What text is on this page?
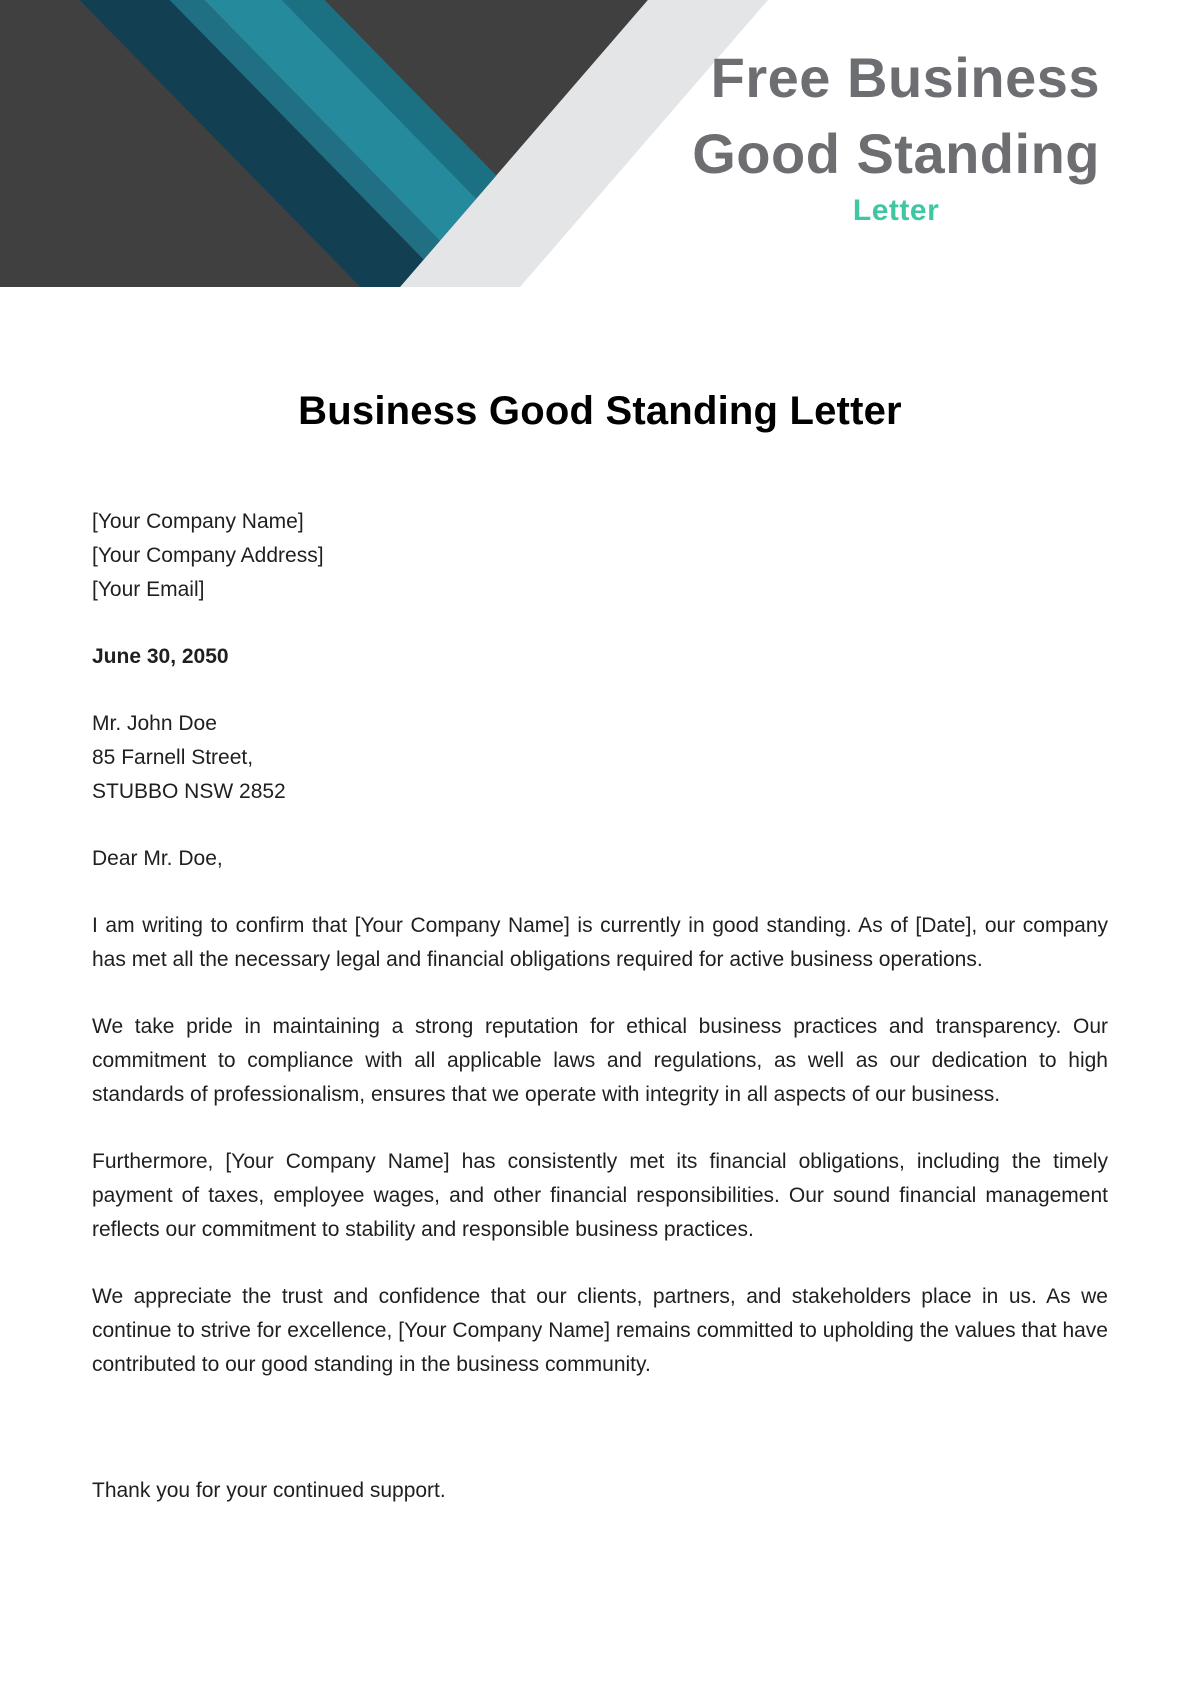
Free Business
Good Standing
Letter
Business Good Standing Letter
[Your Company Name]
[Your Company Address]
[Your Email]
June 30, 2050
Mr. John Doe
85 Farnell Street,
STUBBO NSW 2852
Dear Mr. Doe,

I am writing to confirm that [Your Company Name] is currently in good standing. As of [Date], our company has met all the necessary legal and financial obligations required for active business operations.

We take pride in maintaining a strong reputation for ethical business practices and transparency. Our commitment to compliance with all applicable laws and regulations, as well as our dedication to high standards of professionalism, ensures that we operate with integrity in all aspects of our business.

Furthermore, [Your Company Name] has consistently met its financial obligations, including the timely payment of taxes, employee wages, and other financial responsibilities. Our sound financial management reflects our commitment to stability and responsible business practices.

We appreciate the trust and confidence that our clients, partners, and stakeholders place in us. As we continue to strive for excellence, [Your Company Name] remains committed to upholding the values that have contributed to our good standing in the business community.

Thank you for your continued support.
